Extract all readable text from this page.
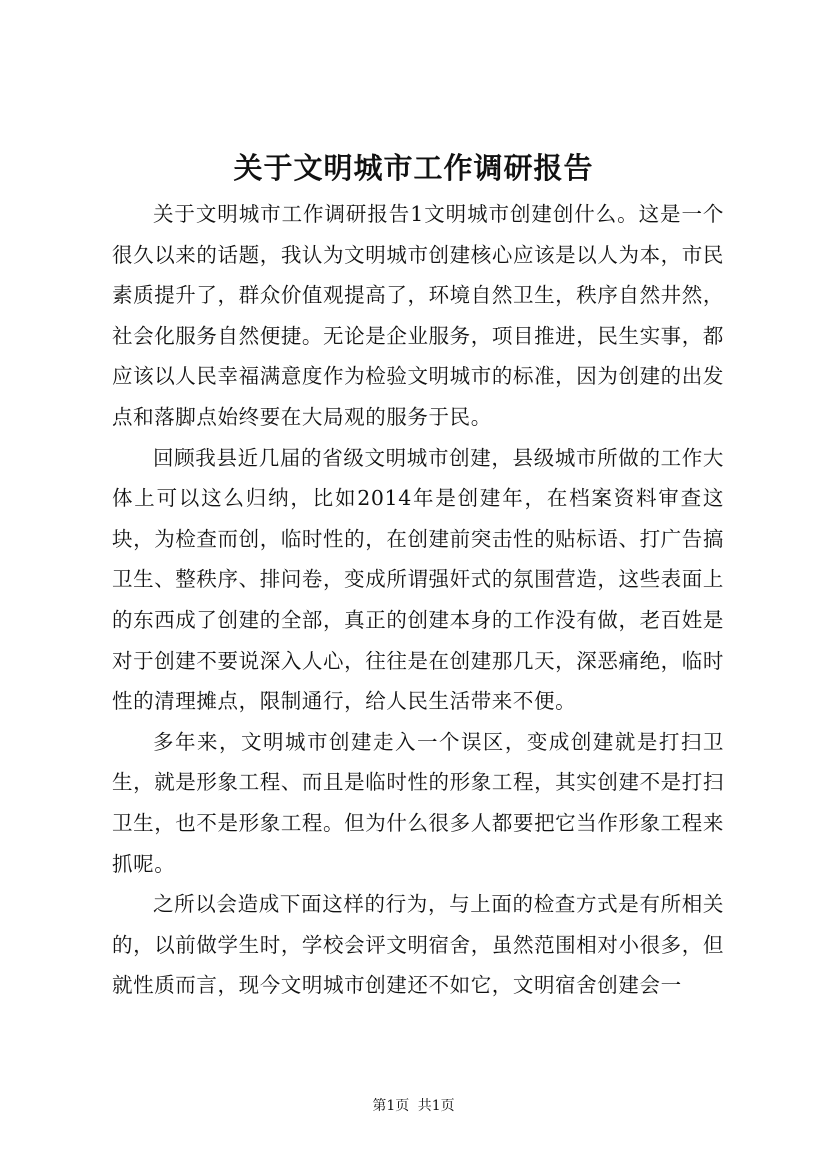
关于文明城市工作调研报告

关于文明城市工作调研报告1文明城市创建创什么。这是一个很久以来的话题，我认为文明城市创建核心应该是以人为本，市民素质提升了，群众价值观提高了，环境自然卫生，秩序自然井然，社会化服务自然便捷。无论是企业服务，项目推进，民生实事，都应该以人民幸福满意度作为检验文明城市的标准，因为创建的出发点和落脚点始终要在大局观的服务于民。

回顾我县近几届的省级文明城市创建，县级城市所做的工作大体上可以这么归纳，比如2014年是创建年，在档案资料审查这块，为检查而创，临时性的，在创建前突击性的贴标语、打广告搞卫生、整秩序、排问卷，变成所谓强奸式的氛围营造，这些表面上的东西成了创建的全部，真正的创建本身的工作没有做，老百姓是对于创建不要说深入人心，往往是在创建那几天，深恶痛绝，临时性的清理摊点，限制通行，给人民生活带来不便。

多年来，文明城市创建走入一个误区，变成创建就是打扫卫生，就是形象工程、而且是临时性的形象工程，其实创建不是打扫卫生，也不是形象工程。但为什么很多人都要把它当作形象工程来抓呢。

之所以会造成下面这样的行为，与上面的检查方式是有所相关的，以前做学生时，学校会评文明宿舍，虽然范围相对小很多，但就性质而言，现今文明城市创建还不如它，文明宿舍创建会一

第1页 共1页
